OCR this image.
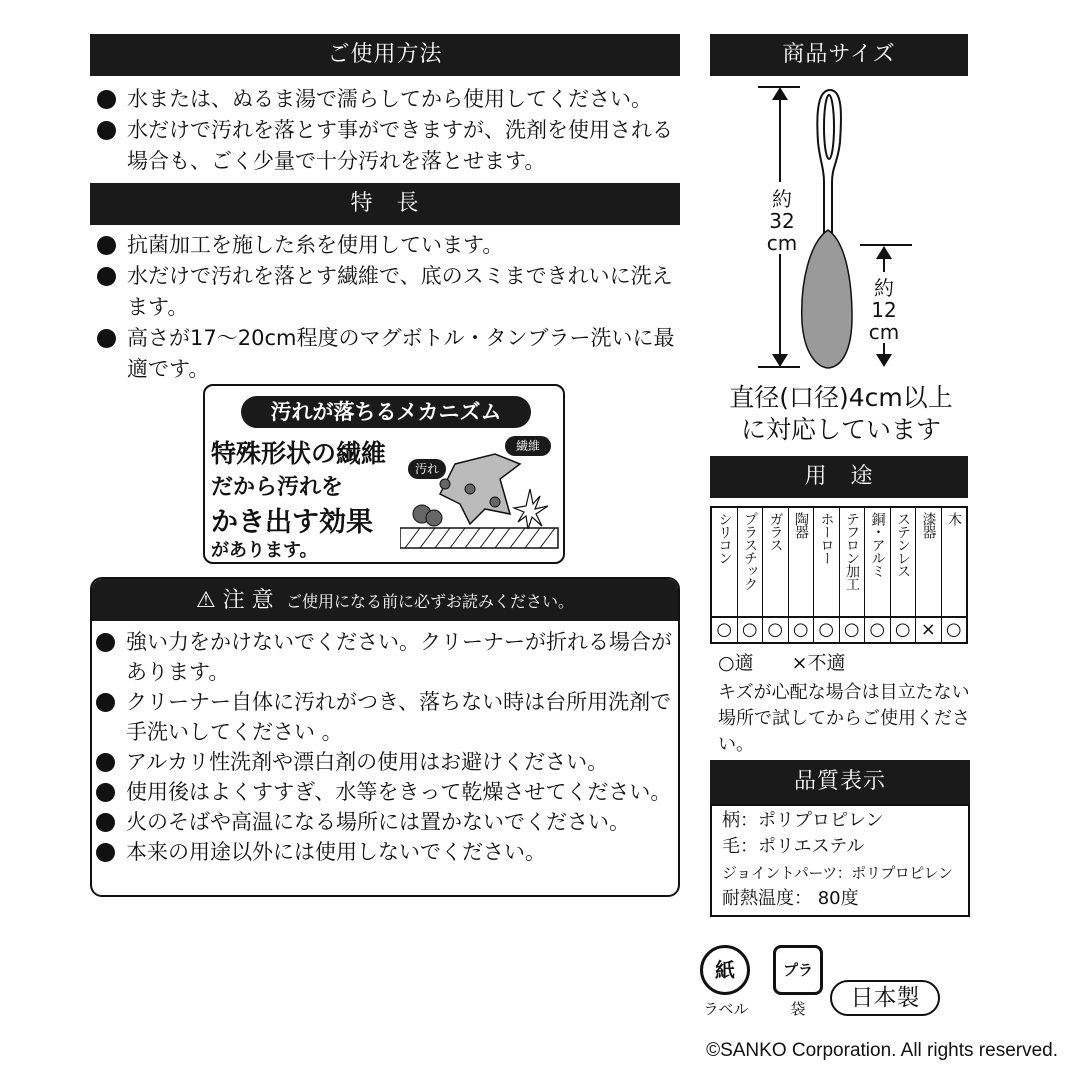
ご使用方法
水または、ぬるま湯で濡らしてから使用してください。
水だけで汚れを落とす事ができますが、洗剤を使用される場合も、ごく少量で十分汚れを落とせます。
特　長
抗菌加工を施した糸を使用しています。
水だけで汚れを落とす繊維で、底のスミまできれいに洗えます。
高さが17～20cm程度のマグボトル・タンブラー洗いに最適です。
汚れが落ちるメカニズム
特殊形状の繊維
だから汚れを
かき出す効果
があります。
汚れ
繊維
⚠ 注 意 ご使用になる前に必ずお読みください。
強い力をかけないでください。クリーナーが折れる場合があります。
クリーナー自体に汚れがつき、落ちない時は台所用洗剤で手洗いしてください 。
アルカリ性洗剤や漂白剤の使用はお避けください。
使用後はよくすすぎ、水等をきって乾燥させてください。
火のそばや高温になる場所には置かないでください。
本来の用途以外には使用しないでください。
商品サイズ
約
32
cm
約
12
cm
直径(口径)4cm以上
に対応しています
用　途
シリコン
○
プラスチック
○
ガラス
○
陶器
○
ホーロー
○
テフロン加工
○
銅・アルミ
○
ステンレス
○
漆器
×
木
○
○適　　×不適
キズが心配な場合は目立たない場所で試してからご使用ください。
品質表示
柄：ポリプロピレン
毛：ポリエステル
ジョイントパーツ：ポリプロピレン
耐熱温度： 80度
紙
ラベル
プラ
袋	日本製
©SANKO Corporation. All rights reserved.
